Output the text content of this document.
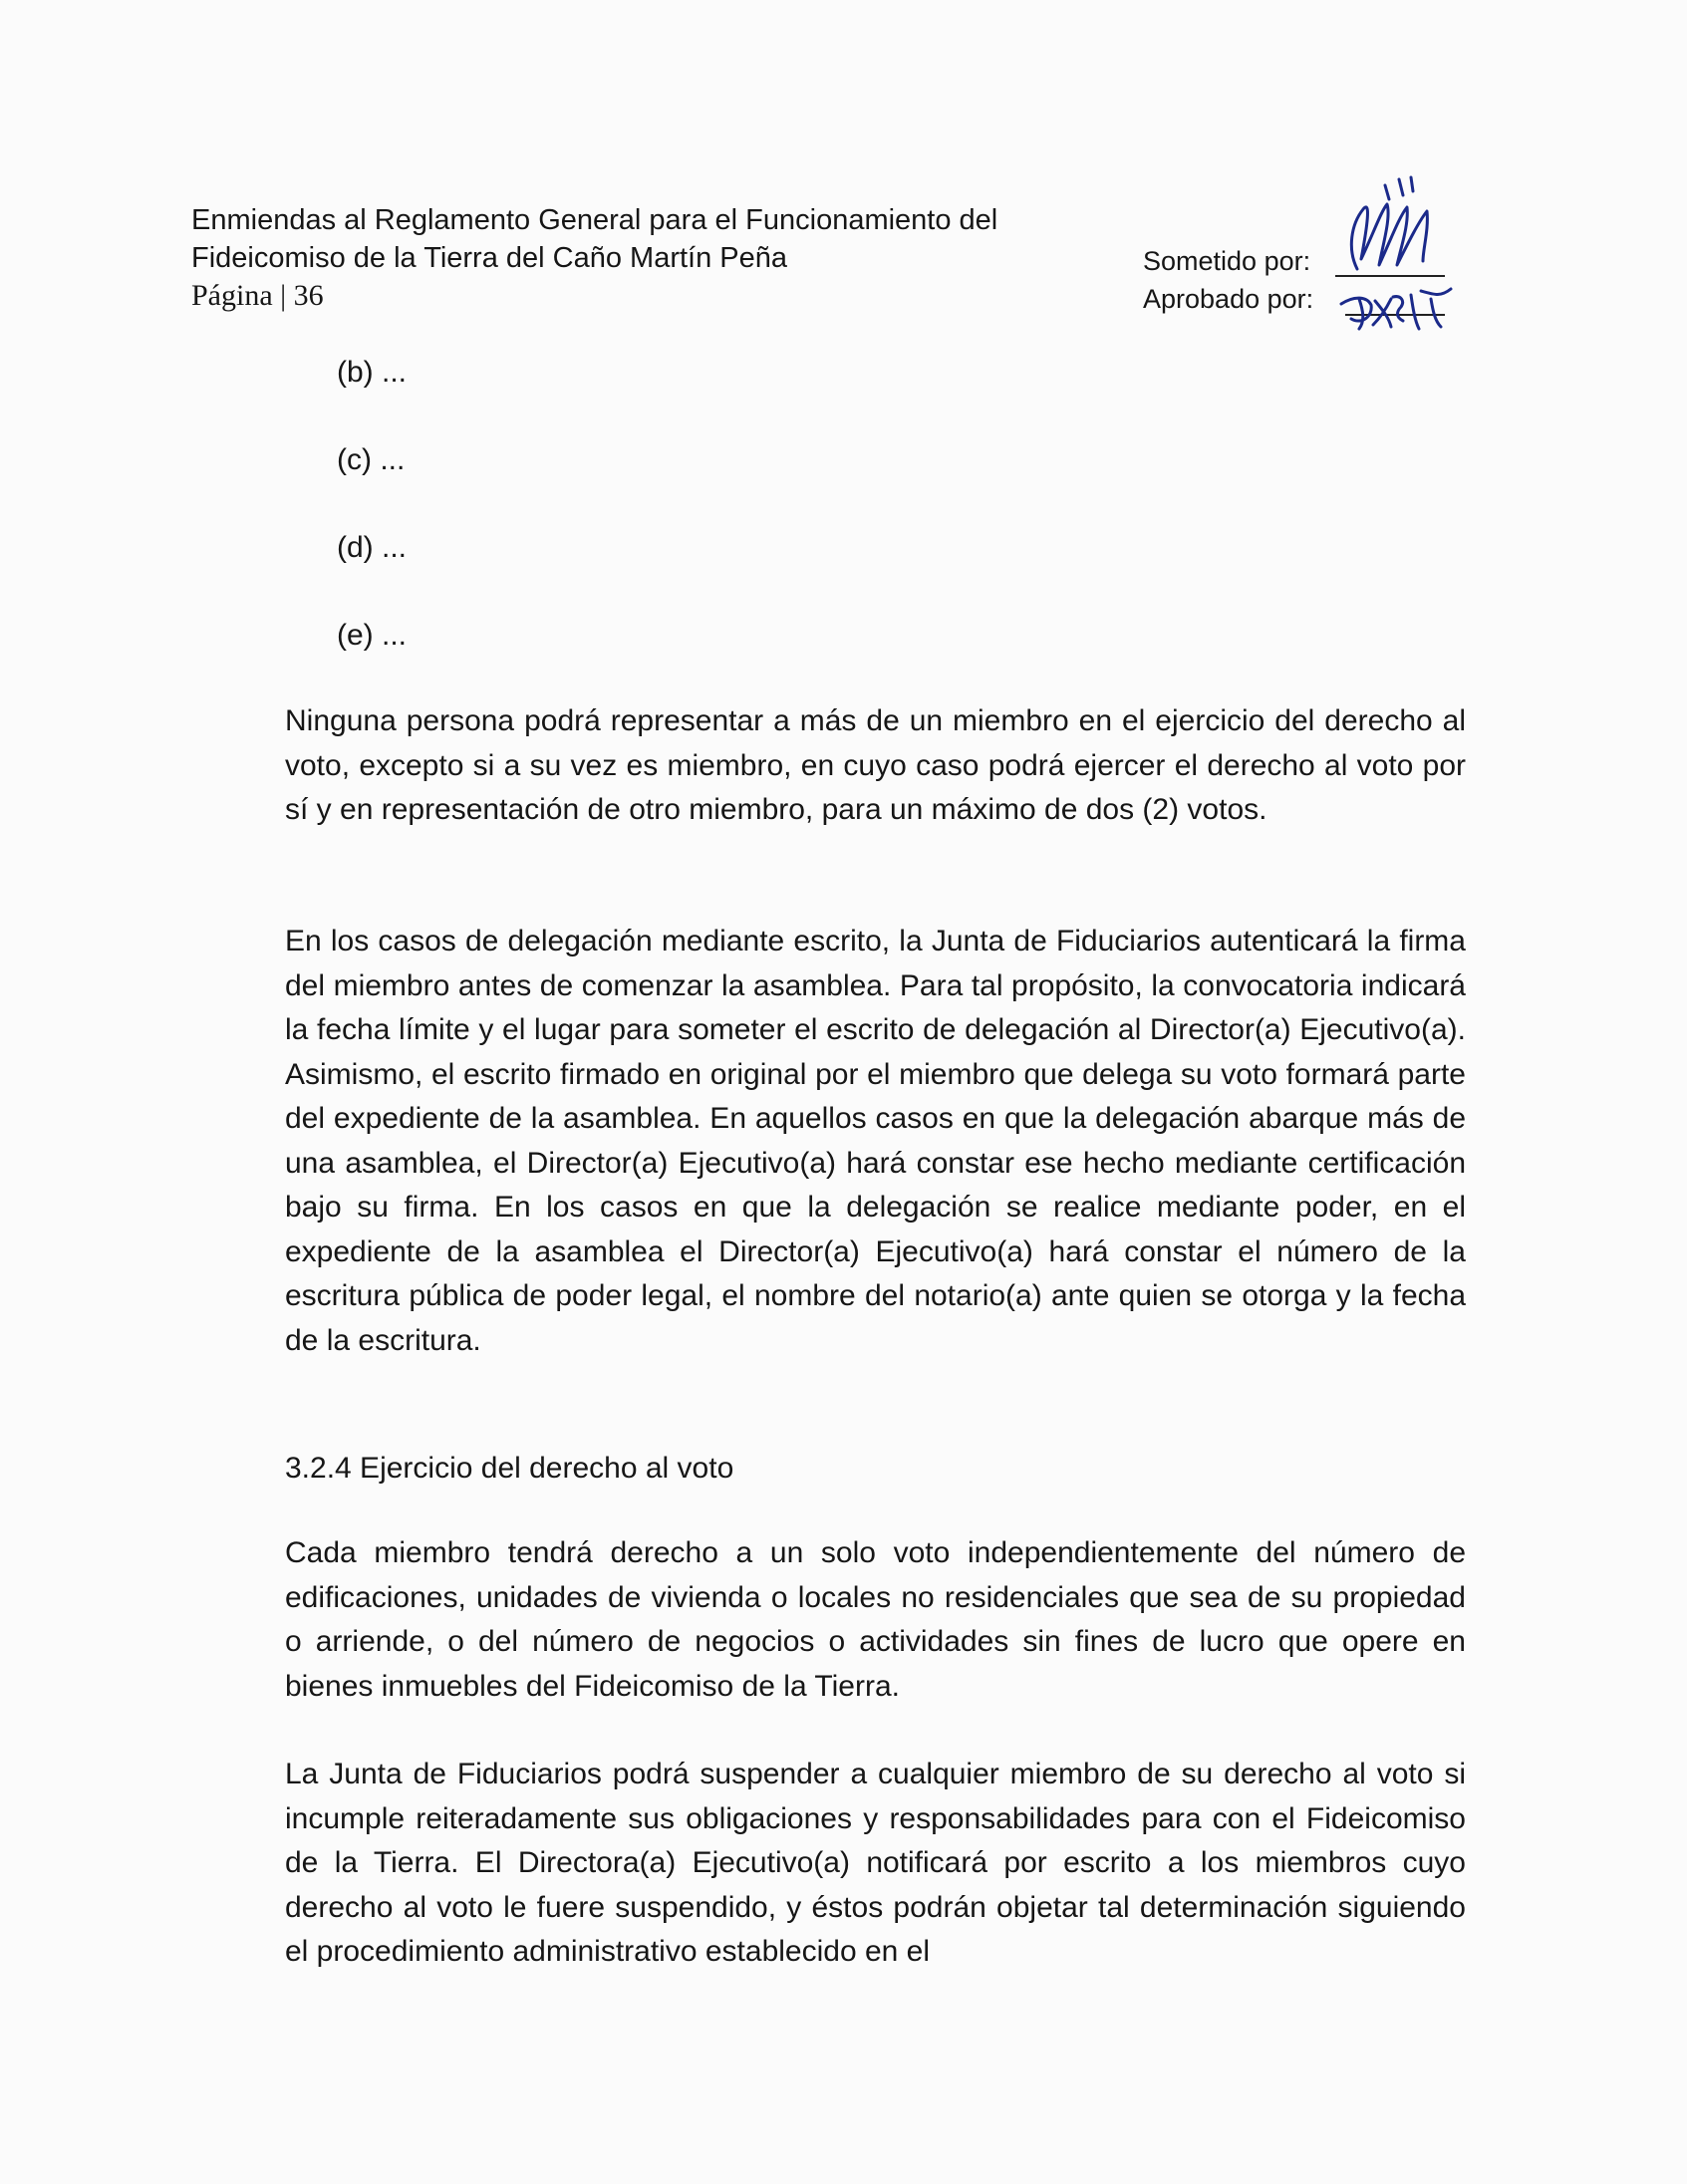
Enmiendas al Reglamento General para el Funcionamiento del
Fideicomiso de la Tierra del Caño Martín Peña
Página | 36
Sometido por:
Aprobado por:
(b) ...
(c) ...
(d) ...
(e) ...

Ninguna persona podrá representar a más de un miembro en el ejercicio del derecho al voto, excepto si a su vez es miembro, en cuyo caso podrá ejercer el derecho al voto por sí y en representación de otro miembro, para un máximo de dos (2) votos.

En los casos de delegación mediante escrito, la Junta de Fiduciarios autenticará la firma del miembro antes de comenzar la asamblea. Para tal propósito, la convocatoria indicará la fecha límite y el lugar para someter el escrito de delegación al Director(a) Ejecutivo(a). Asimismo, el escrito firmado en original por el miembro que delega su voto formará parte del expediente de la asamblea. En aquellos casos en que la delegación abarque más de una asamblea, el Director(a) Ejecutivo(a) hará constar ese hecho mediante certificación bajo su firma. En los casos en que la delegación se realice mediante poder, en el expediente de la asamblea el Director(a) Ejecutivo(a) hará constar el número de la escritura pública de poder legal, el nombre del notario(a) ante quien se otorga y la fecha de la escritura.

3.2.4 Ejercicio del derecho al voto

Cada miembro tendrá derecho a un solo voto independientemente del número de edificaciones, unidades de vivienda o locales no residenciales que sea de su propiedad o arriende, o del número de negocios o actividades sin fines de lucro que opere en bienes inmuebles del Fideicomiso de la Tierra.

La Junta de Fiduciarios podrá suspender a cualquier miembro de su derecho al voto si incumple reiteradamente sus obligaciones y responsabilidades para con el Fideicomiso de la Tierra. El Directora(a) Ejecutivo(a) notificará por escrito a los miembros cuyo derecho al voto le fuere suspendido, y éstos podrán objetar tal determinación siguiendo el procedimiento administrativo establecido en el
